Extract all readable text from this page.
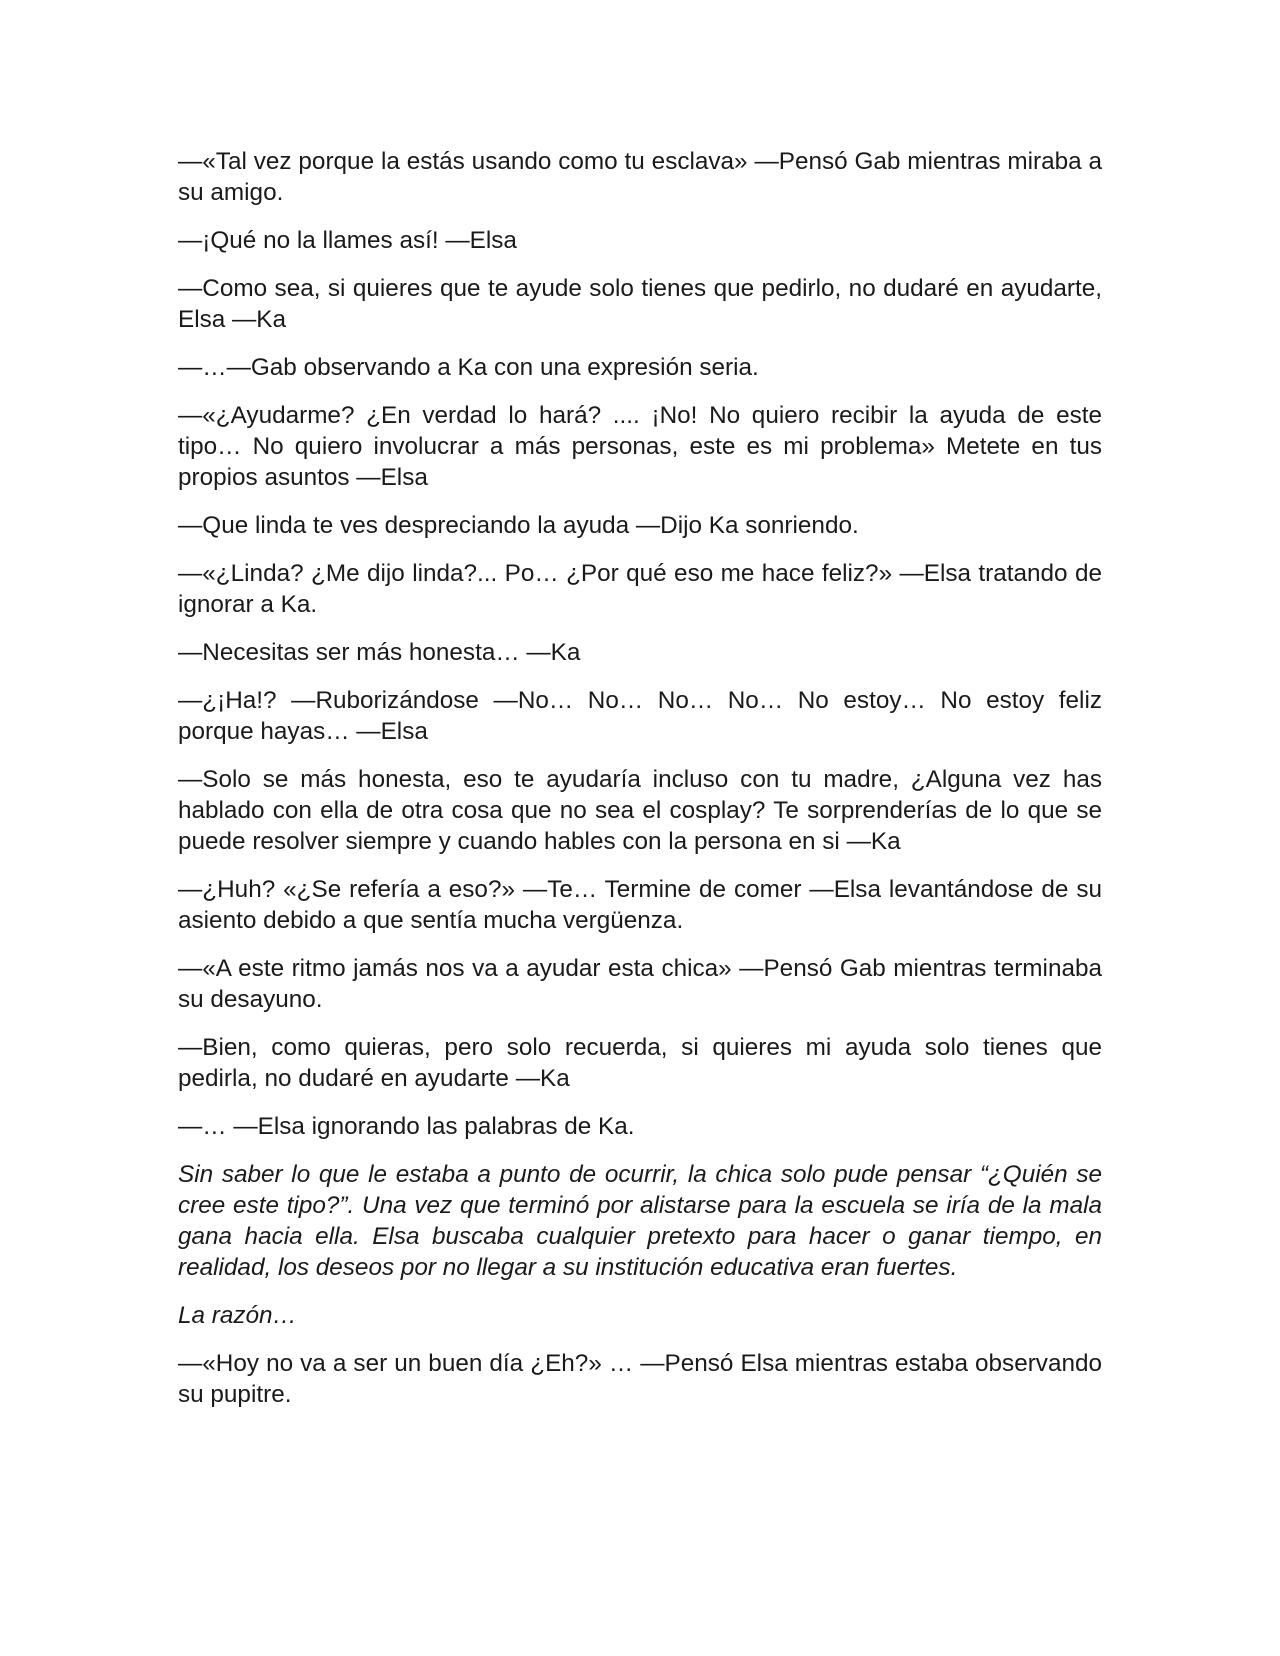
—«Tal vez porque la estás usando como tu esclava» —Pensó Gab mientras miraba a su amigo.

—¡Qué no la llames así! —Elsa

—Como sea, si quieres que te ayude solo tienes que pedirlo, no dudaré en ayudarte, Elsa —Ka

—…—Gab observando a Ka con una expresión seria.

—«¿Ayudarme? ¿En verdad lo hará? .... ¡No! No quiero recibir la ayuda de este tipo… No quiero involucrar a más personas, este es mi problema» Metete en tus propios asuntos —Elsa

—Que linda te ves despreciando la ayuda —Dijo Ka sonriendo.

—«¿Linda? ¿Me dijo linda?... Po… ¿Por qué eso me hace feliz?» —Elsa tratando de ignorar a Ka.

—Necesitas ser más honesta… —Ka

—¿¡Ha!? —Ruborizándose —No… No… No… No… No estoy… No estoy feliz porque hayas… —Elsa

—Solo se más honesta, eso te ayudaría incluso con tu madre, ¿Alguna vez has hablado con ella de otra cosa que no sea el cosplay? Te sorprenderías de lo que se puede resolver siempre y cuando hables con la persona en si —Ka

—¿Huh? «¿Se refería a eso?» —Te… Termine de comer —Elsa levantándose de su asiento debido a que sentía mucha vergüenza.

—«A este ritmo jamás nos va a ayudar esta chica» —Pensó Gab mientras terminaba su desayuno.

—Bien, como quieras, pero solo recuerda, si quieres mi ayuda solo tienes que pedirla, no dudaré en ayudarte —Ka

—… —Elsa ignorando las palabras de Ka.

Sin saber lo que le estaba a punto de ocurrir, la chica solo pude pensar “¿Quién se cree este tipo?”. Una vez que terminó por alistarse para la escuela se iría de la mala gana hacia ella. Elsa buscaba cualquier pretexto para hacer o ganar tiempo, en realidad, los deseos por no llegar a su institución educativa eran fuertes.

La razón…

—«Hoy no va a ser un buen día ¿Eh?» … —Pensó Elsa mientras estaba observando su pupitre.
